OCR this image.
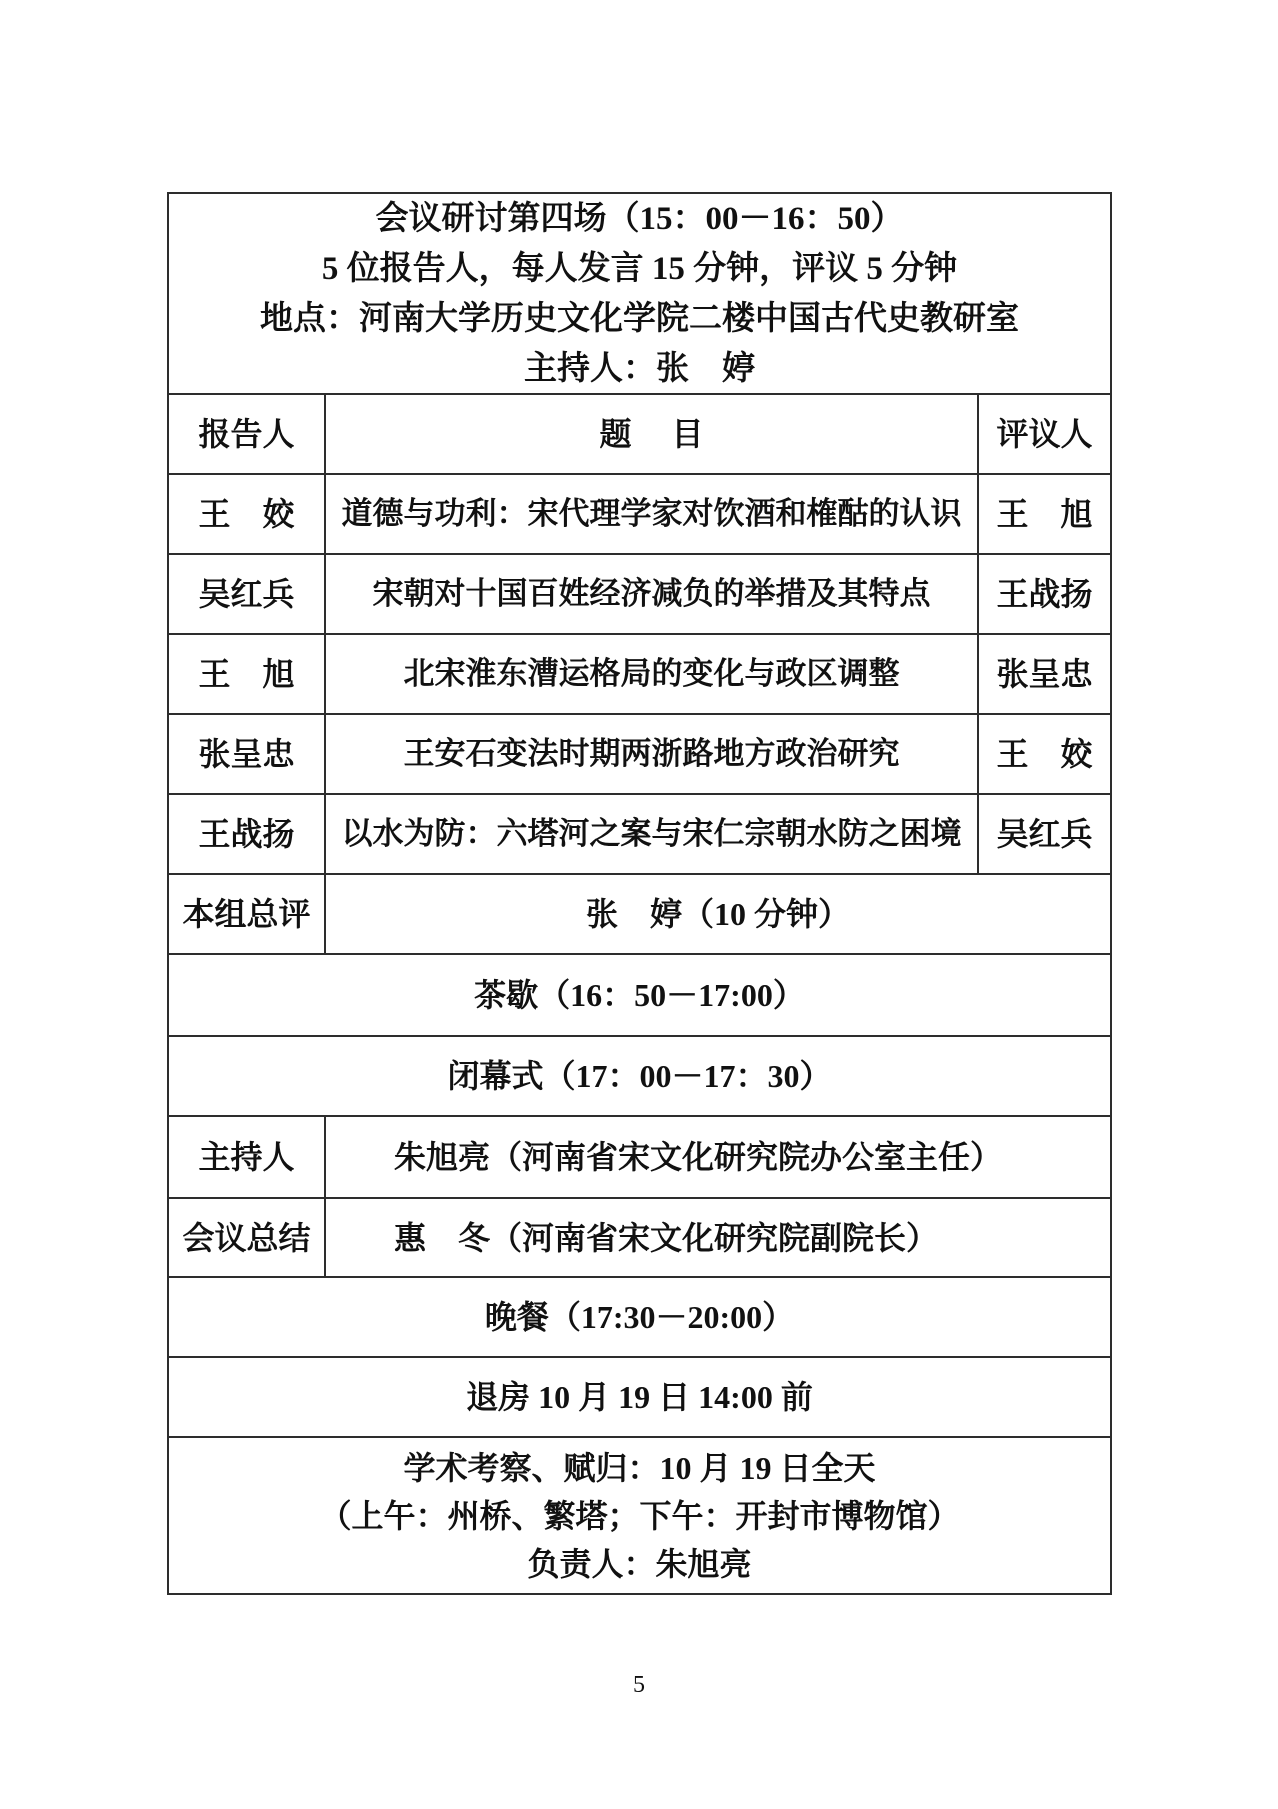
会议研讨第四场（15：00－16：50）
5 位报告人，每人发言 15 分钟，评议 5 分钟
地点：河南大学历史文化学院二楼中国古代史教研室
主持人：张　婷
报告人	题　 目	评议人
王　姣	道德与功利：宋代理学家对饮酒和榷酤的认识	王　旭
吴红兵	宋朝对十国百姓经济减负的举措及其特点	王战扬
王　旭	北宋淮东漕运格局的变化与政区调整	张呈忠
张呈忠	王安石变法时期两浙路地方政治研究	王　姣
王战扬	以水为防：六塔河之案与宋仁宗朝水防之困境	吴红兵
本组总评	张　婷（10 分钟）
茶歇（16：50－17:00）
闭幕式（17：00－17：30）
主持人	朱旭亮（河南省宋文化研究院办公室主任）
会议总结	惠　冬（河南省宋文化研究院副院长）
晚餐（17:30－20:00）
退房 10 月 19 日 14:00 前
学术考察、赋归：10 月 19 日全天
（上午：州桥、繁塔；下午：开封市博物馆）
负责人：朱旭亮
5
